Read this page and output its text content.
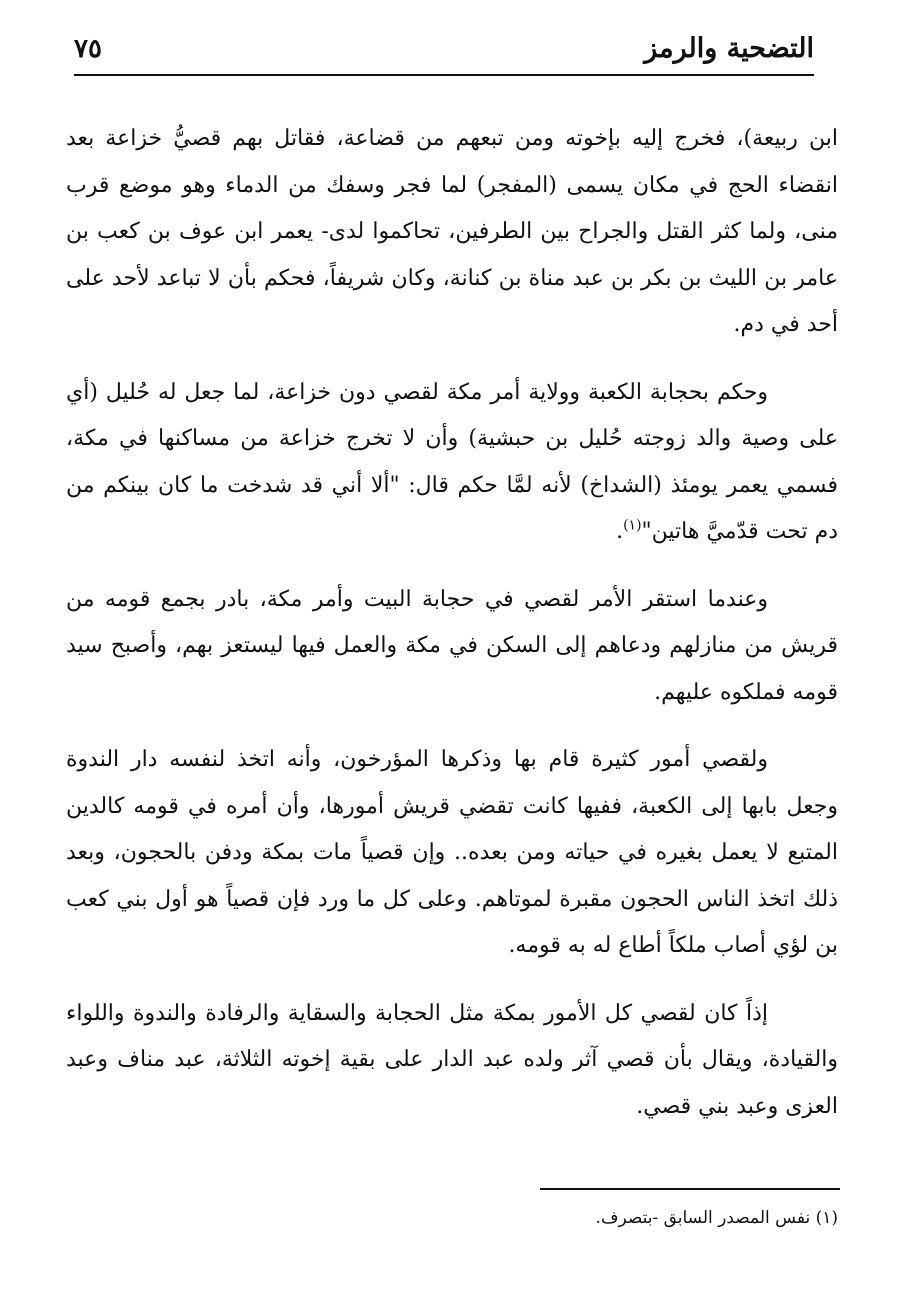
التضحية والرمز
٧٥

ابن ربيعة)، فخرج إليه بإخوته ومن تبعهم من قضاعة، فقاتل بهم قصيُّ خزاعة بعد انقضاء الحج في مكان يسمى (المفجر) لما فجر وسفك من الدماء وهو موضع قرب منى، ولما كثر القتل والجراح بين الطرفين، تحاكموا لدى- يعمر ابن عوف بن كعب بن عامر بن الليث بن بكر بن عبد مناة بن كنانة، وكان شريفاً، فحكم بأن لا تباعد لأحد على أحد في دم.

وحكم بحجابة الكعبة وولاية أمر مكة لقصي دون خزاعة، لما جعل له حُليل (أي على وصية والد زوجته حُليل بن حبشية) وأن لا تخرج خزاعة من مساكنها في مكة، فسمي يعمر يومئذ (الشداخ) لأنه لمَّا حكم قال: "ألا أني قد شدخت ما كان بينكم من دم تحت قدّميَّ هاتين"$^{(١)}$.

وعندما استقر الأمر لقصي في حجابة البيت وأمر مكة، بادر بجمع قومه من قريش من منازلهم ودعاهم إلى السكن في مكة والعمل فيها ليستعز بهم، وأصبح سيد قومه فملكوه عليهم.

ولقصي أمور كثيرة قام بها وذكرها المؤرخون، وأنه اتخذ لنفسه دار الندوة وجعل بابها إلى الكعبة، ففيها كانت تقضي قريش أمورها، وأن أمره في قومه كالدين المتبع لا يعمل بغيره في حياته ومن بعده.. وإن قصياً مات بمكة ودفن بالحجون، وبعد ذلك اتخذ الناس الحجون مقبرة لموتاهم. وعلى كل ما ورد فإن قصياً هو أول بني كعب بن لؤي أصاب ملكاً أطاع له به قومه.

إذاً كان لقصي كل الأمور بمكة مثل الحجابة والسقاية والرفادة والندوة واللواء والقيادة، ويقال بأن قصي آثر ولده عبد الدار على بقية إخوته الثلاثة، عبد مناف وعبد العزى وعبد بني قصي.

(١) نفس المصدر السابق -بتصرف.
